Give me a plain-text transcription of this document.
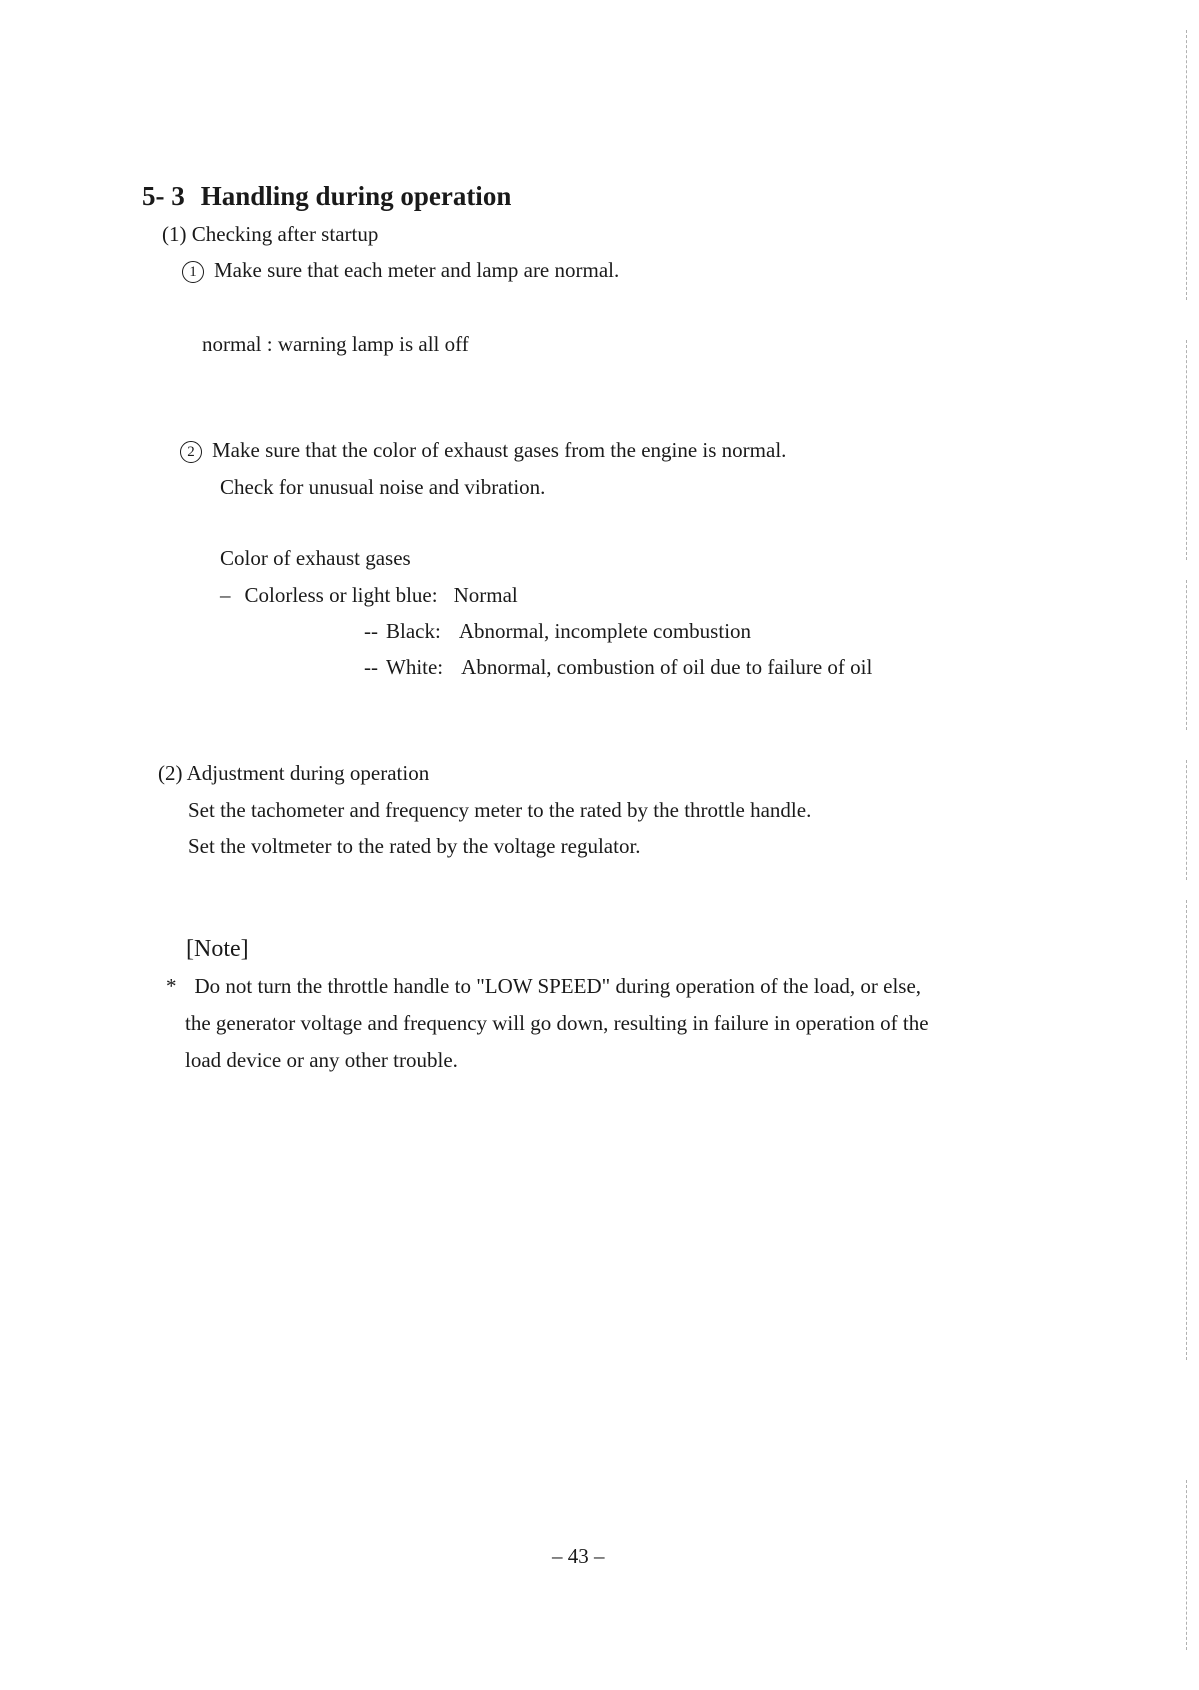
5- 3 Handling during operation
(1) Checking after startup
1 Make sure that each meter and lamp are normal.
normal : warning lamp is all off
2 Make sure that the color of exhaust gases from the engine is normal.
Check for unusual noise and vibration.
Color of exhaust gases
– Colorless or light blue: Normal
-- Black: Abnormal, incomplete combustion
-- White: Abnormal, combustion of oil due to failure of oil
(2) Adjustment during operation
Set the tachometer and frequency meter to the rated by the throttle handle.
Set the voltmeter to the rated by the voltage regulator.
[Note]
* Do not turn the throttle handle to "LOW SPEED" during operation of the load, or else,
the generator voltage and frequency will go down, resulting in failure in operation of the
load device or any other trouble.
– 43 –
